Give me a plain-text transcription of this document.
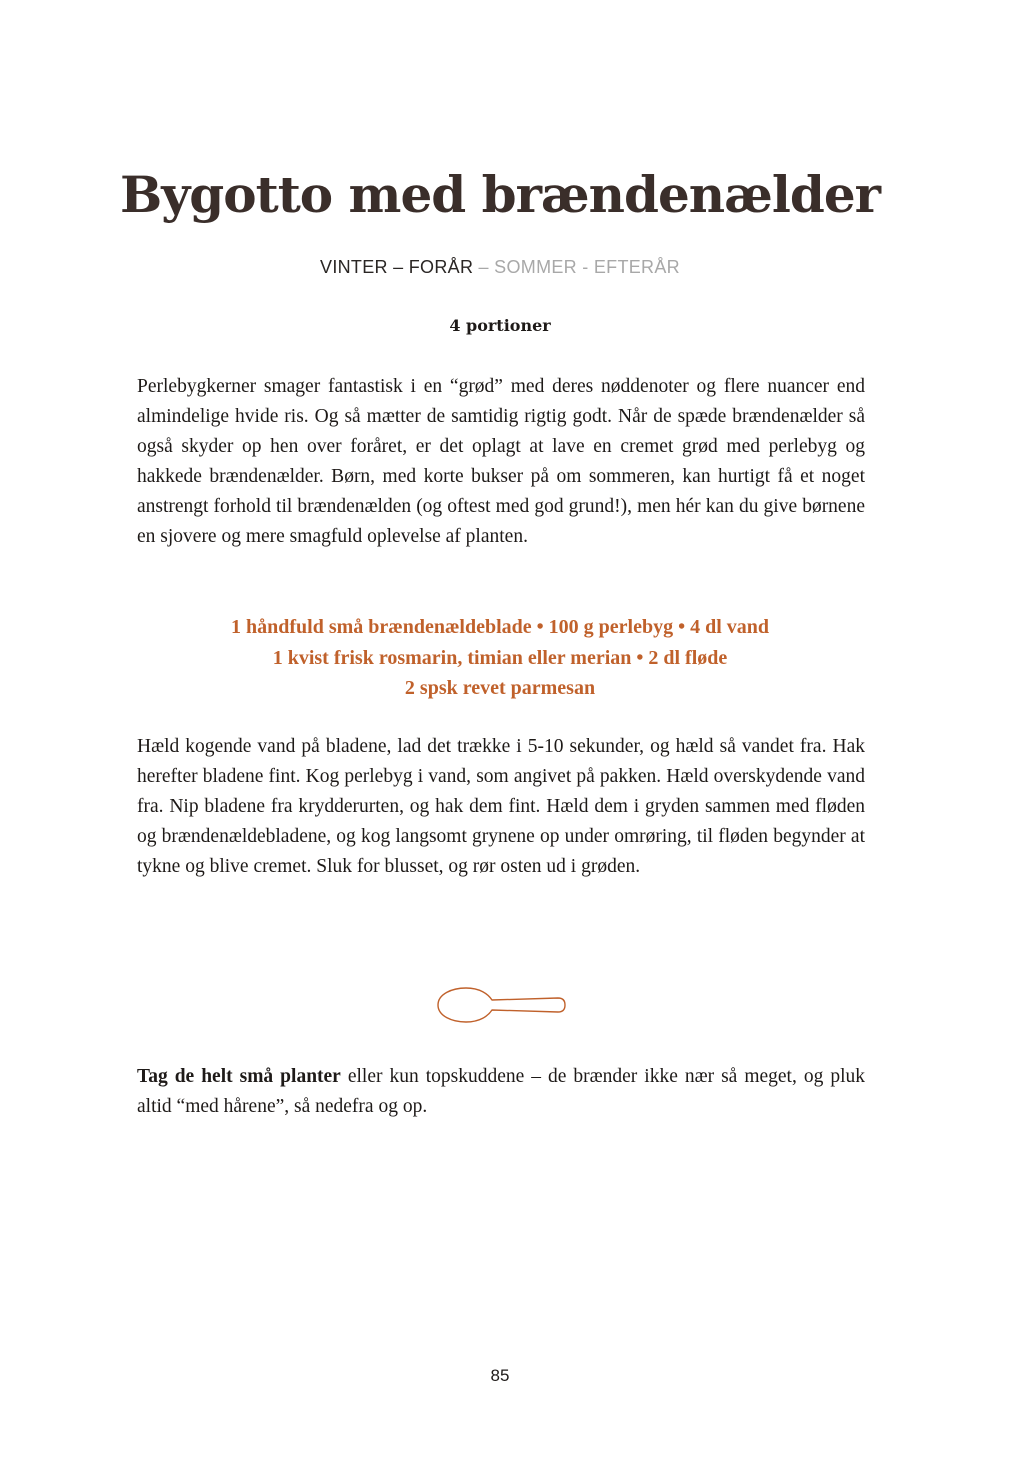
Bygotto med brændenælder
VINTER – FORÅR – SOMMER - EFTERÅR
4 portioner

Perlebygkerner smager fantastisk i en “grød” med deres nøddenoter og flere nuancer end almindelige hvide ris. Og så mætter de samtidig rigtig godt. Når de spæde brændenælder så også skyder op hen over foråret, er det oplagt at lave en cremet grød med perlebyg og hakkede brændenælder. Børn, med korte bukser på om sommeren, kan hurtigt få et noget anstrengt forhold til brændenælden (og oftest med god grund!), men hér kan du give børnene en sjovere og mere smagfuld oplevelse af planten.

1 håndfuld små brændenældeblade • 100 g perlebyg • 4 dl vand
1 kvist frisk rosmarin, timian eller merian • 2 dl fløde
2 spsk revet parmesan

Hæld kogende vand på bladene, lad det trække i 5-10 sekunder, og hæld så vandet fra. Hak herefter bladene fint. Kog perlebyg i vand, som angivet på pakken. Hæld overskydende vand fra. Nip bladene fra krydderurten, og hak dem fint. Hæld dem i gryden sammen med fløden og brændenældebladene, og kog langsomt grynene op under omrøring, til fløden begynder at tykne og blive cremet. Sluk for blusset, og rør osten ud i grøden.

Tag de helt små planter eller kun topskuddene – de brænder ikke nær så meget, og pluk altid “med hårene”, så nedefra og op.

85
